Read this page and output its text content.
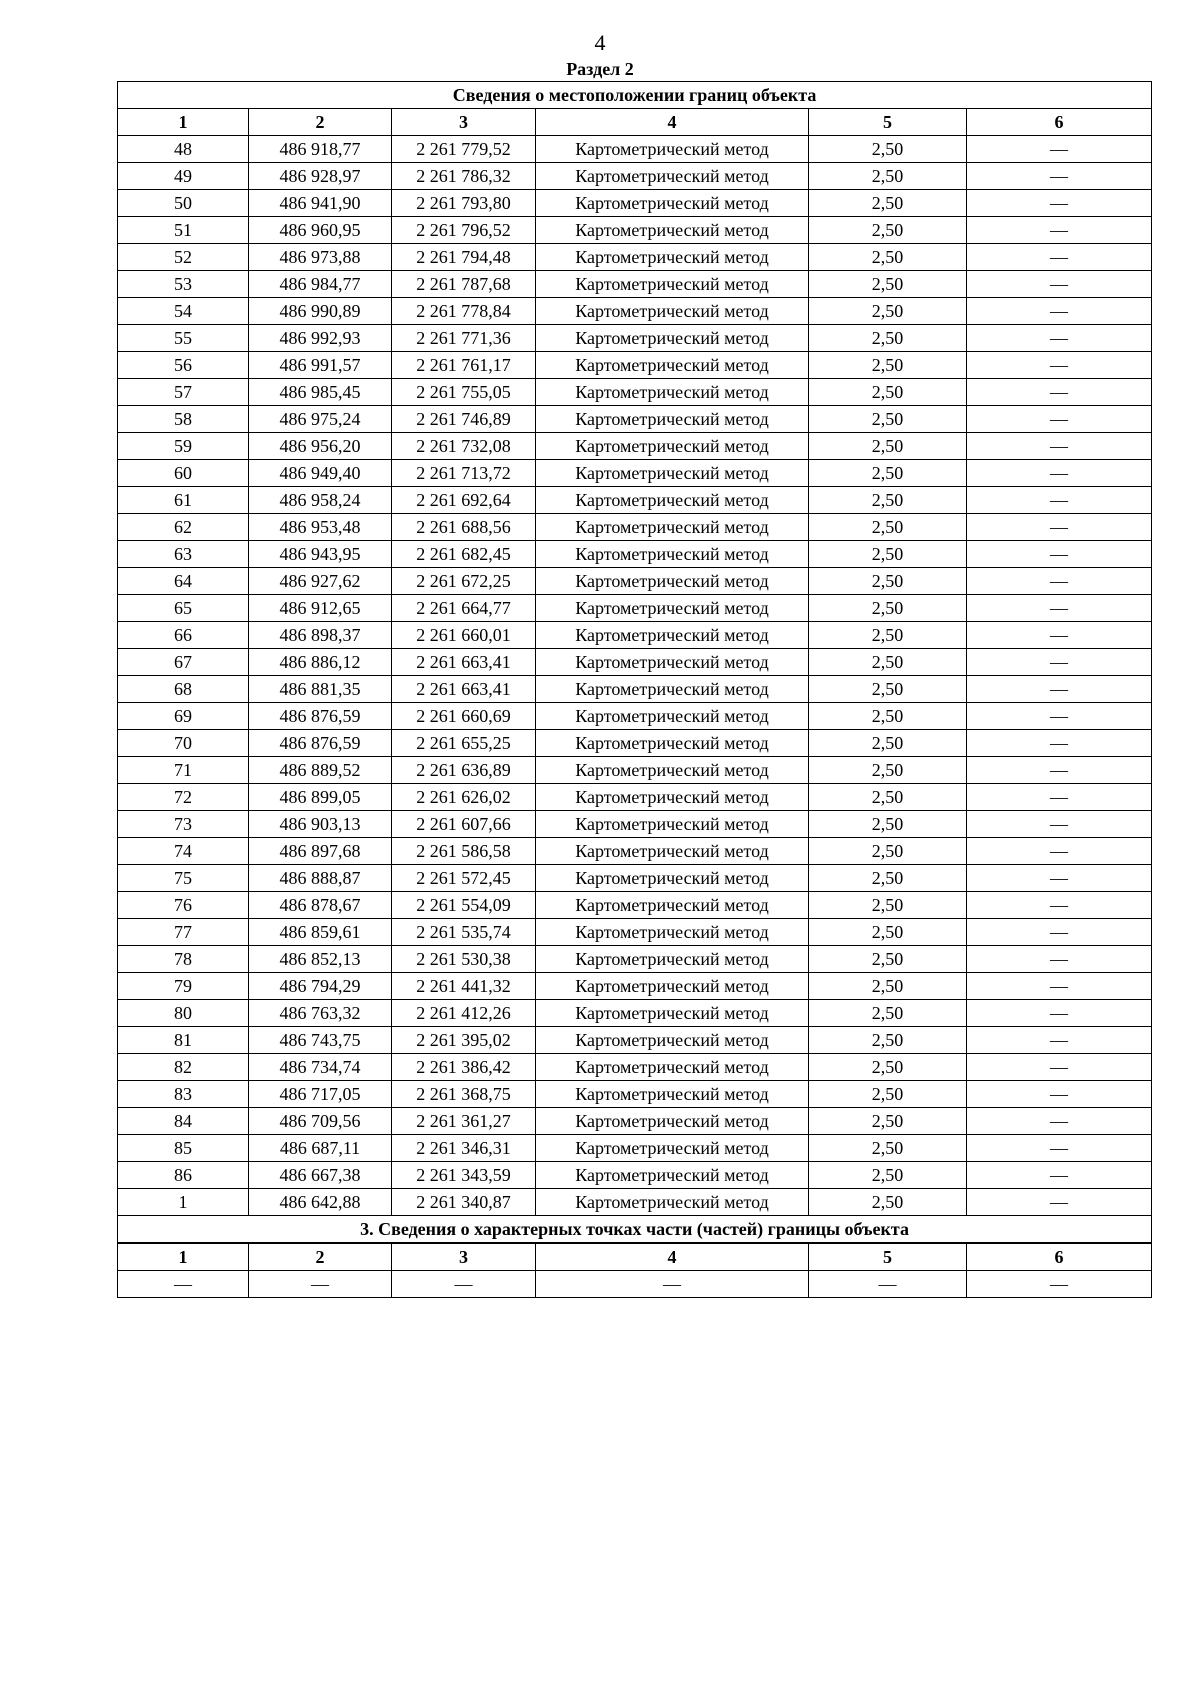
4
Раздел 2
Сведения о местоположении границ объекта					
1	2	3	4	5	6
48	486 918,77	2 261 779,52	Картометрический метод	2,50	—
49	486 928,97	2 261 786,32	Картометрический метод	2,50	—
50	486 941,90	2 261 793,80	Картометрический метод	2,50	—
51	486 960,95	2 261 796,52	Картометрический метод	2,50	—
52	486 973,88	2 261 794,48	Картометрический метод	2,50	—
53	486 984,77	2 261 787,68	Картометрический метод	2,50	—
54	486 990,89	2 261 778,84	Картометрический метод	2,50	—
55	486 992,93	2 261 771,36	Картометрический метод	2,50	—
56	486 991,57	2 261 761,17	Картометрический метод	2,50	—
57	486 985,45	2 261 755,05	Картометрический метод	2,50	—
58	486 975,24	2 261 746,89	Картометрический метод	2,50	—
59	486 956,20	2 261 732,08	Картометрический метод	2,50	—
60	486 949,40	2 261 713,72	Картометрический метод	2,50	—
61	486 958,24	2 261 692,64	Картометрический метод	2,50	—
62	486 953,48	2 261 688,56	Картометрический метод	2,50	—
63	486 943,95	2 261 682,45	Картометрический метод	2,50	—
64	486 927,62	2 261 672,25	Картометрический метод	2,50	—
65	486 912,65	2 261 664,77	Картометрический метод	2,50	—
66	486 898,37	2 261 660,01	Картометрический метод	2,50	—
67	486 886,12	2 261 663,41	Картометрический метод	2,50	—
68	486 881,35	2 261 663,41	Картометрический метод	2,50	—
69	486 876,59	2 261 660,69	Картометрический метод	2,50	—
70	486 876,59	2 261 655,25	Картометрический метод	2,50	—
71	486 889,52	2 261 636,89	Картометрический метод	2,50	—
72	486 899,05	2 261 626,02	Картометрический метод	2,50	—
73	486 903,13	2 261 607,66	Картометрический метод	2,50	—
74	486 897,68	2 261 586,58	Картометрический метод	2,50	—
75	486 888,87	2 261 572,45	Картометрический метод	2,50	—
76	486 878,67	2 261 554,09	Картометрический метод	2,50	—
77	486 859,61	2 261 535,74	Картометрический метод	2,50	—
78	486 852,13	2 261 530,38	Картометрический метод	2,50	—
79	486 794,29	2 261 441,32	Картометрический метод	2,50	—
80	486 763,32	2 261 412,26	Картометрический метод	2,50	—
81	486 743,75	2 261 395,02	Картометрический метод	2,50	—
82	486 734,74	2 261 386,42	Картометрический метод	2,50	—
83	486 717,05	2 261 368,75	Картометрический метод	2,50	—
84	486 709,56	2 261 361,27	Картометрический метод	2,50	—
85	486 687,11	2 261 346,31	Картометрический метод	2,50	—
86	486 667,38	2 261 343,59	Картометрический метод	2,50	—
1	486 642,88	2 261 340,87	Картометрический метод	2,50	—
3. Сведения о характерных точках части (частей) границы объекта					
1	2	3	4	5	6
—	—	—	—	—	—
